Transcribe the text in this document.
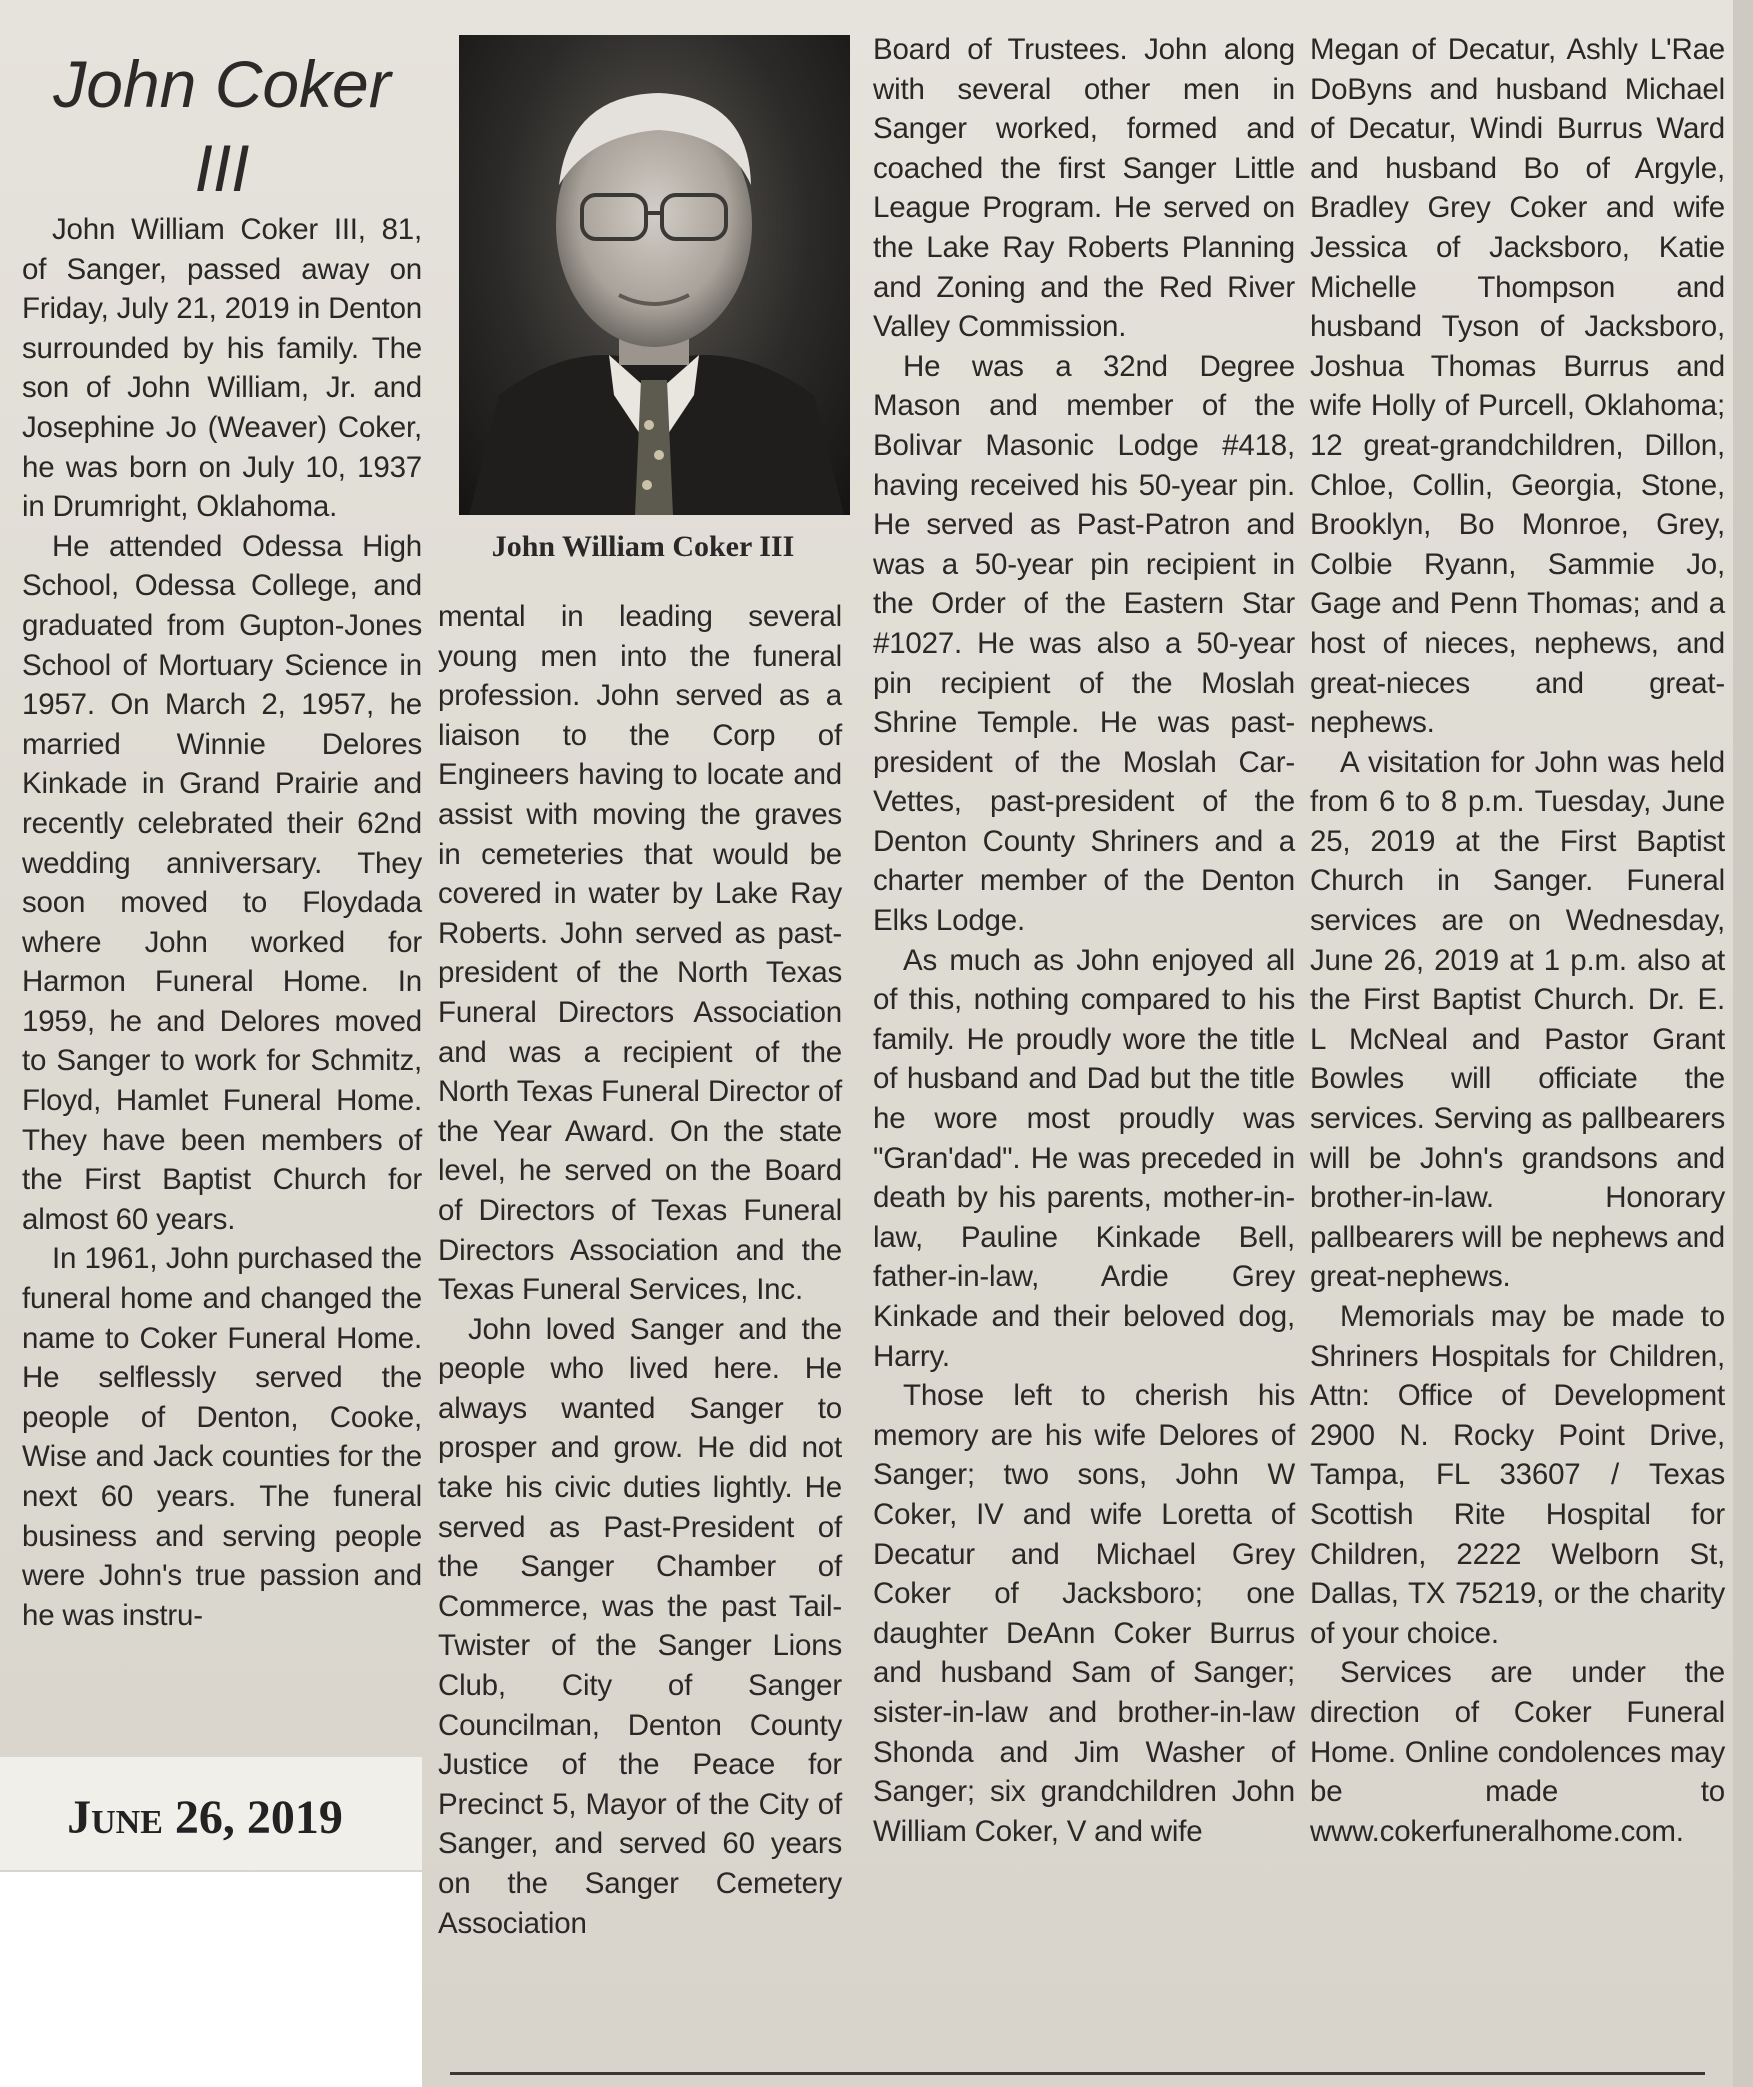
John Coker III

John William Coker III

John William Coker III, 81, of Sanger, passed away on Friday, July 21, 2019 in Denton surrounded by his family. The son of John William, Jr. and Josephine Jo (Weaver) Coker, he was born on July 10, 1937 in Drumright, Oklahoma.

He attended Odessa High School, Odessa College, and graduated from Gupton-Jones School of Mortuary Science in 1957. On March 2, 1957, he married Winnie Delores Kinkade in Grand Prairie and recently celebrated their 62nd wedding anniversary. They soon moved to Floydada where John worked for Harmon Funeral Home. In 1959, he and Delores moved to Sanger to work for Schmitz, Floyd, Hamlet Funeral Home. They have been members of the First Baptist Church for almost 60 years.

In 1961, John purchased the funeral home and changed the name to Coker Funeral Home. He selflessly served the people of Denton, Cooke, Wise and Jack counties for the next 60 years. The funeral business and serving people were John's true passion and he was instru-

mental in leading several young men into the funeral profession. John served as a liaison to the Corp of Engineers having to locate and assist with moving the graves in cemeteries that would be covered in water by Lake Ray Roberts. John served as past-president of the North Texas Funeral Directors Association and was a recipient of the North Texas Funeral Director of the Year Award. On the state level, he served on the Board of Directors of Texas Funeral Directors Association and the Texas Funeral Services, Inc.

John loved Sanger and the people who lived here. He always wanted Sanger to prosper and grow. He did not take his civic duties lightly. He served as Past-President of the Sanger Chamber of Commerce, was the past Tail-Twister of the Sanger Lions Club, City of Sanger Councilman, Denton County Justice of the Peace for Precinct 5, Mayor of the City of Sanger, and served 60 years on the Sanger Cemetery Association

Board of Trustees. John along with several other men in Sanger worked, formed and coached the first Sanger Little League Program. He served on the Lake Ray Roberts Planning and Zoning and the Red River Valley Commission.

He was a 32nd Degree Mason and member of the Bolivar Masonic Lodge #418, having received his 50-year pin. He served as Past-Patron and was a 50-year pin recipient in the Order of the Eastern Star #1027. He was also a 50-year pin recipient of the Moslah Shrine Temple. He was past-president of the Moslah Car-Vettes, past-president of the Denton County Shriners and a charter member of the Denton Elks Lodge.

As much as John enjoyed all of this, nothing compared to his family. He proudly wore the title of husband and Dad but the title he wore most proudly was "Gran'dad". He was preceded in death by his parents, mother-in-law, Pauline Kinkade Bell, father-in-law, Ardie Grey Kinkade and their beloved dog, Harry.

Those left to cherish his memory are his wife Delores of Sanger; two sons, John W Coker, IV and wife Loretta of Decatur and Michael Grey Coker of Jacksboro; one daughter DeAnn Coker Burrus and husband Sam of Sanger; sister-in-law and brother-in-law Shonda and Jim Washer of Sanger; six grandchildren John William Coker, V and wife

Megan of Decatur, Ashly L'Rae DoByns and husband Michael of Decatur, Windi Burrus Ward and husband Bo of Argyle, Bradley Grey Coker and wife Jessica of Jacksboro, Katie Michelle Thompson and husband Tyson of Jacksboro, Joshua Thomas Burrus and wife Holly of Purcell, Oklahoma; 12 great-grandchildren, Dillon, Chloe, Collin, Georgia, Stone, Brooklyn, Bo Monroe, Grey, Colbie Ryann, Sammie Jo, Gage and Penn Thomas; and a host of nieces, nephews, and great-nieces and great-nephews.

A visitation for John was held from 6 to 8 p.m. Tuesday, June 25, 2019 at the First Baptist Church in Sanger. Funeral services are on Wednesday, June 26, 2019 at 1 p.m. also at the First Baptist Church. Dr. E. L McNeal and Pastor Grant Bowles will officiate the services. Serving as pallbearers will be John's grandsons and brother-in-law. Honorary pallbearers will be nephews and great-nephews.

Memorials may be made to Shriners Hospitals for Children, Attn: Office of Development 2900 N. Rocky Point Drive, Tampa, FL 33607 / Texas Scottish Rite Hospital for Children, 2222 Welborn St, Dallas, TX 75219, or the charity of your choice.

Services are under the direction of Coker Funeral Home. Online condolences may be made to www.cokerfuneralhome.com.

June 26, 2019
